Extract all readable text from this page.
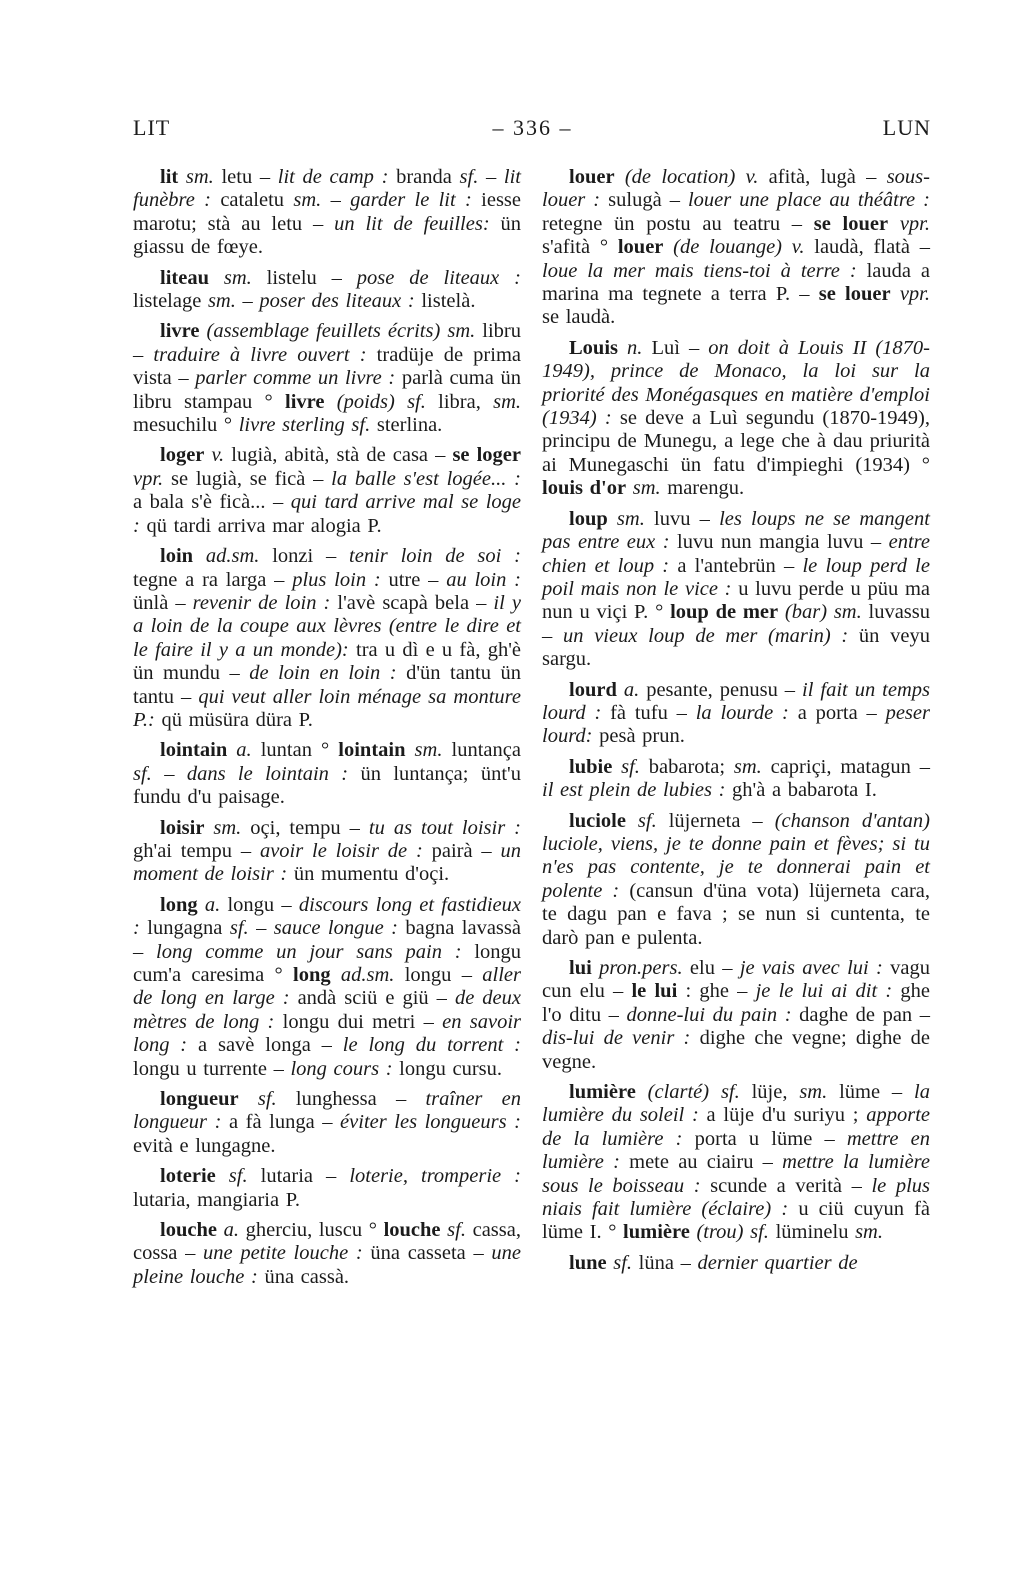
LIT	– 336 –	LUN

lit sm. letu – lit de camp : branda sf. – lit funèbre : cataletu sm. – garder le lit : iesse marotu; stà au letu – un lit de feuilles: ün giassu de fœye.

liteau sm. listelu – pose de liteaux : listelage sm. – poser des liteaux : listelà.

livre (assemblage feuillets écrits) sm. libru – traduire à livre ouvert : tradüje de prima vista – parler comme un livre : parlà cuma ün libru stampau ° livre (poids) sf. libra, sm. mesuchilu ° livre sterling sf. sterlina.

loger v. lugià, abità, stà de casa – se loger vpr. se lugià, se ficà – la balle s'est logée... : a bala s'è ficà... – qui tard arrive mal se loge : qü tardi arriva mar alogia P.

loin ad.sm. lonzi – tenir loin de soi : tegne a ra larga – plus loin : utre – au loin : ünlà – revenir de loin : l'avè scapà bela – il y a loin de la coupe aux lèvres (entre le dire et le faire il y a un monde): tra u dì e u fà, gh'è ün mundu – de loin en loin : d'ün tantu ün tantu – qui veut aller loin ménage sa monture P.: qü müsüra düra P.

lointain a. luntan ° lointain sm. luntança sf. – dans le lointain : ün luntança; ünt'u fundu d'u paisage.

loisir sm. oçi, tempu – tu as tout loisir : gh'ai tempu – avoir le loisir de : pairà – un moment de loisir : ün mumentu d'oçi.

long a. longu – discours long et fastidieux : lungagna sf. – sauce longue : bagna lavassà – long comme un jour sans pain : longu cum'a caresima ° long ad.sm. longu – aller de long en large : andà sciü e giü – de deux mètres de long : longu dui metri – en savoir long : a savè longa – le long du torrent : longu u turrente – long cours : longu cursu.

longueur sf. lunghessa – traîner en longueur : a fà lunga – éviter les longueurs : evità e lungagne.

loterie sf. lutaria – loterie, tromperie : lutaria, mangiaria P.

louche a. gherciu, luscu ° louche sf. cassa, cossa – une petite louche : üna casseta – une pleine louche : üna cassà.

louer (de location) v. afità, lugà – sous-louer : sulugà – louer une place au théâtre : retegne ün postu au teatru – se louer vpr. s'afità ° louer (de louange) v. laudà, flatà – loue la mer mais tiens-toi à terre : lauda a marina ma tegnete a terra P. – se louer vpr. se laudà.

Louis n. Luì – on doit à Louis II (1870-1949), prince de Monaco, la loi sur la priorité des Monégasques en matière d'emploi (1934) : se deve a Luì segundu (1870-1949), principu de Munegu, a lege che à dau priurità ai Munegaschi ün fatu d'impieghi (1934) ° louis d'or sm. marengu.

loup sm. luvu – les loups ne se mangent pas entre eux : luvu nun mangia luvu – entre chien et loup : a l'antebrün – le loup perd le poil mais non le vice : u luvu perde u püu ma nun u viçi P. ° loup de mer (bar) sm. luvassu – un vieux loup de mer (marin) : ün veyu sargu.

lourd a. pesante, penusu – il fait un temps lourd : fà tufu – la lourde : a porta – peser lourd: pesà prun.

lubie sf. babarota; sm. capriçi, matagun – il est plein de lubies : gh'à a babarota I.

luciole sf. lüjerneta – (chanson d'antan) luciole, viens, je te donne pain et fèves; si tu n'es pas contente, je te donnerai pain et polente : (cansun d'üna vota) lüjerneta cara, te dagu pan e fava ; se nun si cuntenta, te darò pan e pulenta.

lui pron.pers. elu – je vais avec lui : vagu cun elu – le lui : ghe – je le lui ai dit : ghe l'o ditu – donne-lui du pain : daghe de pan – dis-lui de venir : dighe che vegne; dighe de vegne.

lumière (clarté) sf. lüje, sm. lüme – la lumière du soleil : a lüje d'u suriyu ; apporte de la lumière : porta u lüme – mettre en lumière : mete au ciairu – mettre la lumière sous le boisseau : scunde a verità – le plus niais fait lumière (éclaire) : u ciü cuyun fà lüme I. ° lumière (trou) sf. lüminelu sm.

lune sf. lüna – dernier quartier de
